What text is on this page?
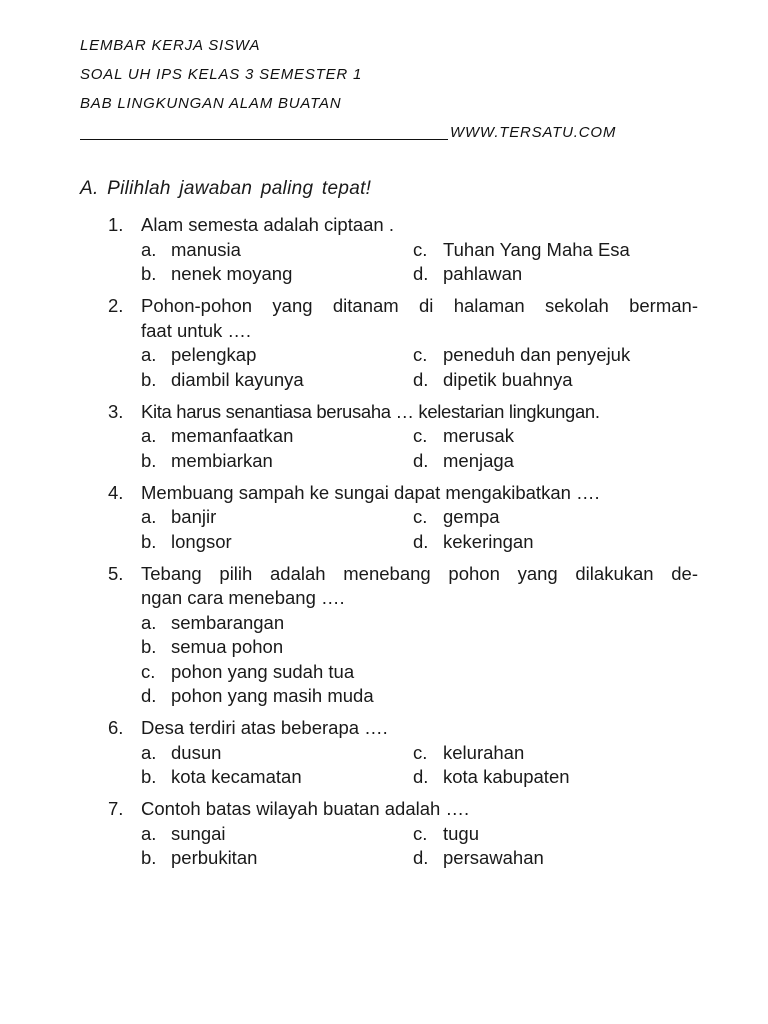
LEMBAR KERJA SISWA
SOAL UH IPS KELAS 3 SEMESTER 1
BAB LINGKUNGAN ALAM BUATAN
WWW.TERSATU.COM
A. Pilihlah jawaban paling tepat!
1. Alam semesta adalah ciptaan .
a. manusia	c. Tuhan Yang Maha Esa
b. nenek moyang	d. pahlawan
2. Pohon-pohon yang ditanam di halaman sekolah berman-
faat untuk ….
a. pelengkap	c. peneduh dan penyejuk
b. diambil kayunya	d. dipetik buahnya
3. Kita harus senantiasa berusaha … kelestarian lingkungan.
a. memanfaatkan	c. merusak
b. membiarkan	d. menjaga
4. Membuang sampah ke sungai dapat mengakibatkan ….
a. banjir	c. gempa
b. longsor	d. kekeringan
5. Tebang pilih adalah menebang pohon yang dilakukan de-
ngan cara menebang ….
a. sembarangan
b. semua pohon
c. pohon yang sudah tua
d. pohon yang masih muda
6. Desa terdiri atas beberapa ….
a. dusun	c. kelurahan
b. kota kecamatan	d. kota kabupaten
7. Contoh batas wilayah buatan adalah ….
a. sungai	c. tugu
b. perbukitan	d. persawahan
